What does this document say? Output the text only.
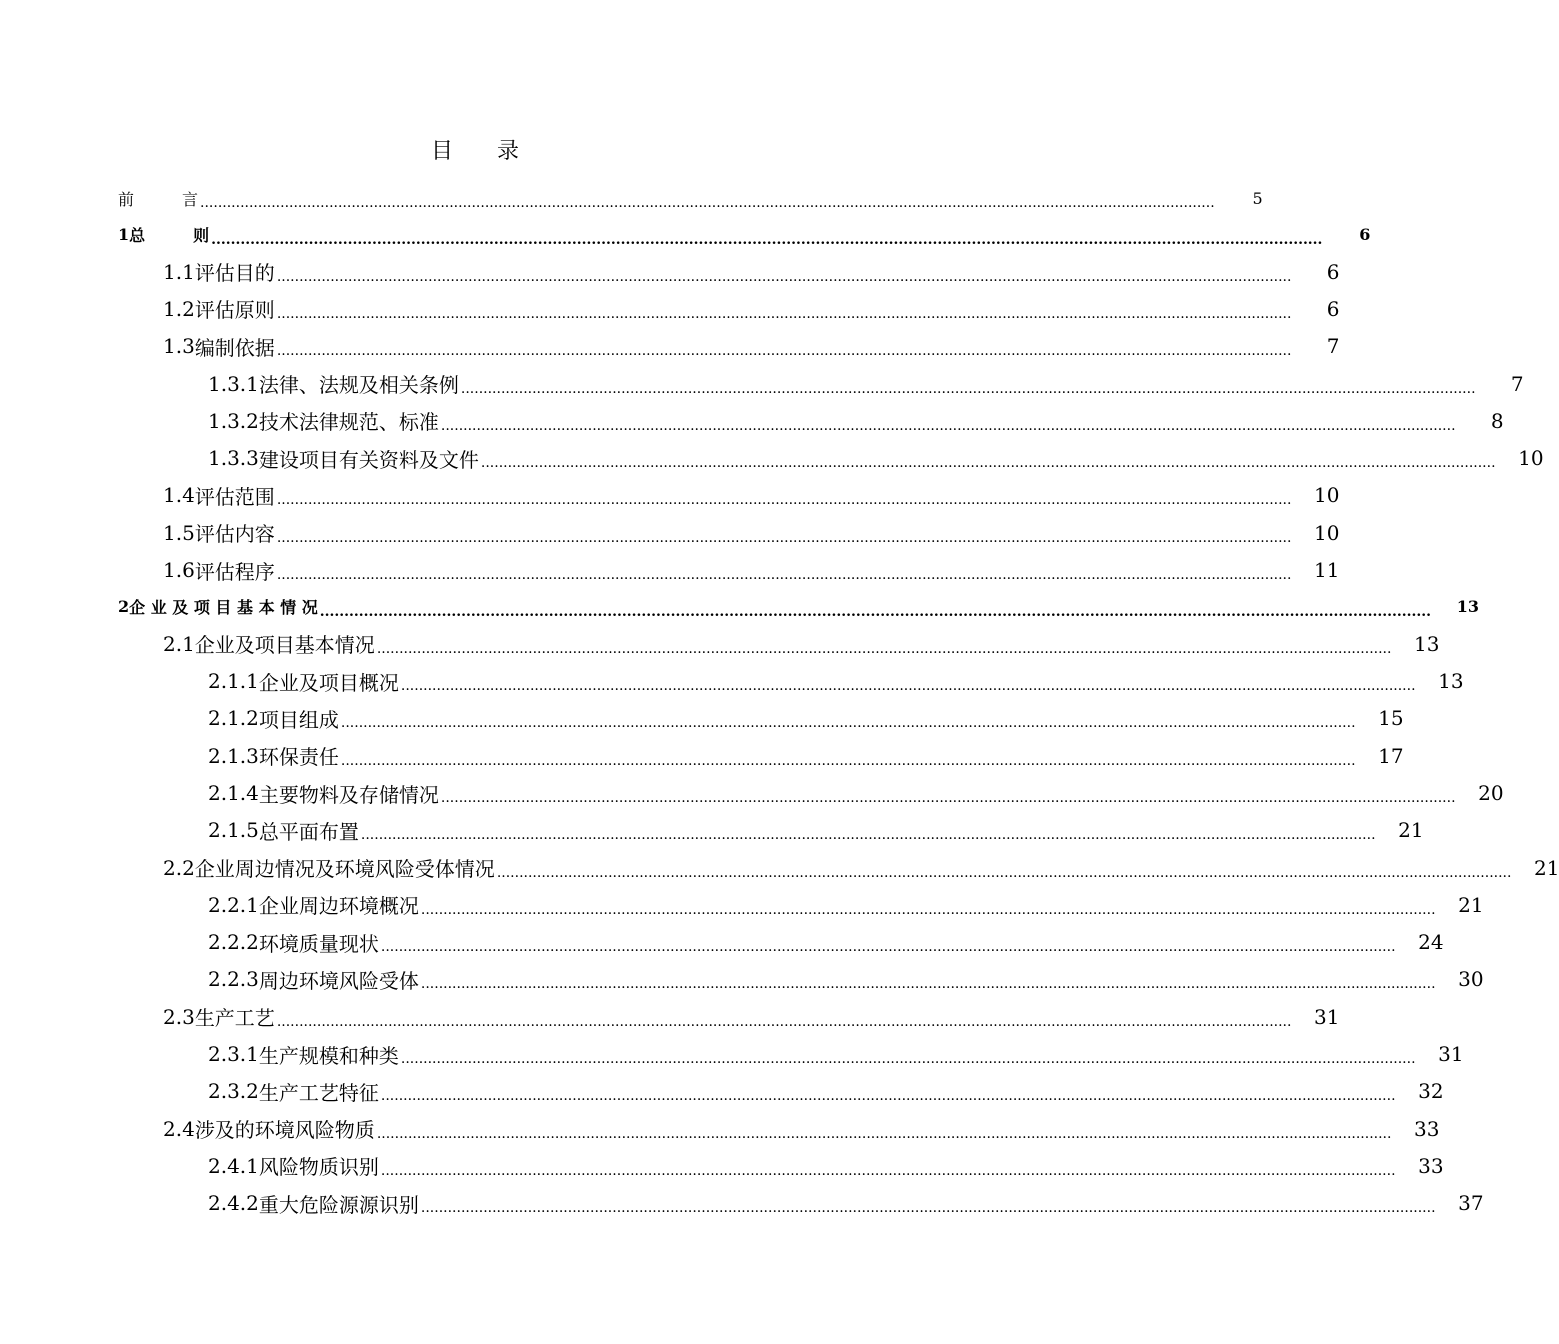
目　　录
前　　　言 ....................................................................................................................................................................................................................................	5
1 总　　　则 ....................................................................................................................................................................................................................................	6
1.1 评估目的 ....................................................................................................................................................................................................................................	6
1.2 评估原则 ....................................................................................................................................................................................................................................	6
1.3 编制依据 ....................................................................................................................................................................................................................................	7
1.3.1 法律、法规及相关条例 ....................................................................................................................................................................................................................................	7
1.3.2 技术法律规范、标准 ....................................................................................................................................................................................................................................	8
1.3.3 建设项目有关资料及文件 ....................................................................................................................................................................................................................................	10
1.4 评估范围 ....................................................................................................................................................................................................................................	10
1.5 评估内容 ....................................................................................................................................................................................................................................	10
1.6 评估程序 ....................................................................................................................................................................................................................................	11
2 企 业 及 项 目 基 本 情 况 ....................................................................................................................................................................................................................................	13
2.1 企业及项目基本情况 ....................................................................................................................................................................................................................................	13
2.1.1 企业及项目概况 ....................................................................................................................................................................................................................................	13
2.1.2 项目组成 ....................................................................................................................................................................................................................................	15
2.1.3 环保责任 ....................................................................................................................................................................................................................................	17
2.1.4 主要物料及存储情况 ....................................................................................................................................................................................................................................	20
2.1.5 总平面布置 ....................................................................................................................................................................................................................................	21
2.2 企业周边情况及环境风险受体情况 ....................................................................................................................................................................................................................................	21
2.2.1 企业周边环境概况 ....................................................................................................................................................................................................................................	21
2.2.2 环境质量现状 ....................................................................................................................................................................................................................................	24
2.2.3 周边环境风险受体 ....................................................................................................................................................................................................................................	30
2.3 生产工艺 ....................................................................................................................................................................................................................................	31
2.3.1 生产规模和种类 ....................................................................................................................................................................................................................................	31
2.3.2 生产工艺特征 ....................................................................................................................................................................................................................................	32
2.4 涉及的环境风险物质 ....................................................................................................................................................................................................................................	33
2.4.1 风险物质识别 ....................................................................................................................................................................................................................................	33
2.4.2 重大危险源源识别 ....................................................................................................................................................................................................................................	37
